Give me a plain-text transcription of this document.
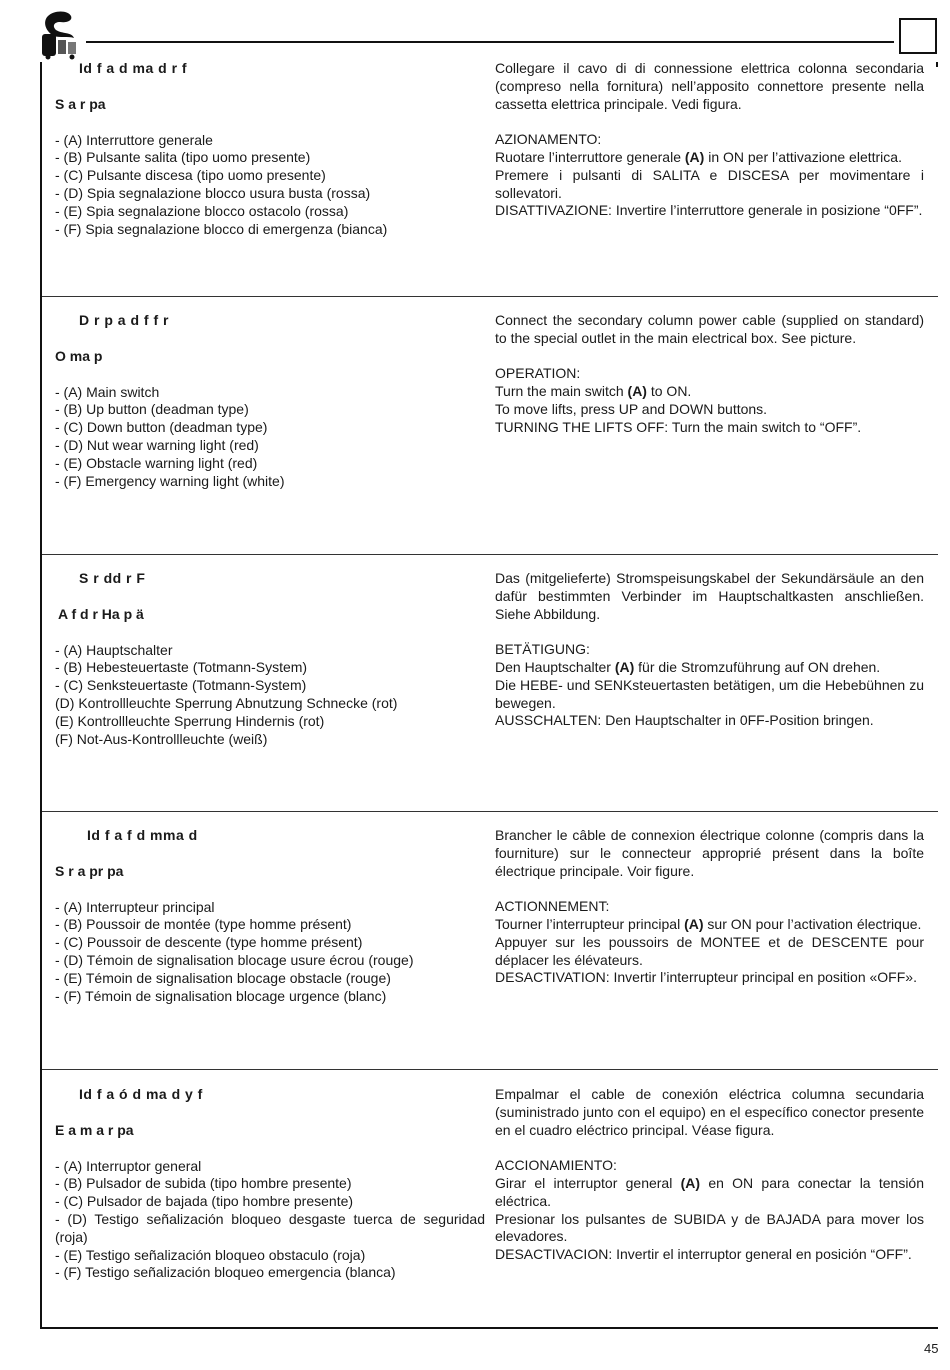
Id f a d ma d r f

S a r pa

- (A) Interruttore generale
- (B) Pulsante salita (tipo uomo presente)
- (C) Pulsante discesa (tipo uomo presente)
- (D) Spia segnalazione blocco usura busta (rossa)
- (E) Spia segnalazione blocco ostacolo (rossa)
- (F) Spia segnalazione blocco di emergenza (bianca)

Collegare il cavo di di connessione elettrica colonna secondaria (compreso nella fornitura) nell’apposito connettore presente nella cassetta elettrica principale. Vedi figura.

AZIONAMENTO:

Ruotare l’interruttore generale (A) in ON per l’attivazione elettrica.

Premere i pulsanti di SALITA e DISCESA per movimentare i sollevatori.

DISATTIVAZIONE: Invertire l’interruttore generale in posizione “0FF”.

D r p a d f f r

O ma p

- (A) Main switch
- (B) Up button (deadman type)
- (C) Down button (deadman type)
- (D) Nut wear warning light (red)
- (E) Obstacle warning light (red)
- (F) Emergency warning light (white)

Connect the secondary column power cable (supplied on standard) to the special outlet in the main electrical box. See picture.

OPERATION:

Turn the main switch (A) to ON.

To move lifts, press UP and DOWN buttons.

TURNING THE LIFTS OFF: Turn the main switch to “OFF”.

S r dd r F

A f d r Ha p ä

- (A) Hauptschalter
- (B) Hebesteuertaste (Totmann-System)
- (C) Senksteuertaste (Totmann-System)
(D) Kontrollleuchte Sperrung Abnutzung Schnecke (rot)
(E) Kontrollleuchte Sperrung Hindernis (rot)
(F) Not-Aus-Kontrollleuchte (weiß)

Das (mitgelieferte) Stromspeisungskabel der Sekundärsäule an den dafür bestimmten Verbinder im Hauptschaltkasten anschließen. Siehe Abbildung.

BETÄTIGUNG:

Den Hauptschalter (A) für die Stromzuführung auf ON drehen.

Die HEBE- und SENKsteuertasten betätigen, um die Hebebühnen zu bewegen.

AUSSCHALTEN: Den Hauptschalter in 0FF-Position bringen.

Id f a f d mma d

S r a pr pa

- (A) Interrupteur principal
- (B) Poussoir de montée (type homme présent)
- (C) Poussoir de descente (type homme présent)
- (D) Témoin de signalisation blocage usure écrou (rouge)
- (E) Témoin de signalisation blocage obstacle (rouge)
- (F) Témoin de signalisation blocage urgence (blanc)

Brancher le câble de connexion électrique colonne (compris dans la fourniture) sur le connecteur approprié présent dans la boîte électrique principale. Voir figure.

ACTIONNEMENT:

Tourner l’interrupteur principal (A) sur ON pour l’activation électrique.

Appuyer sur les poussoirs de MONTEE et de DESCENTE pour déplacer les élévateurs.

DESACTIVATION: Invertir l’interrupteur principal en position «OFF».

Id f a ó d ma d y f

E a m a r pa

- (A) Interruptor general
- (B) Pulsador de subida (tipo hombre presente)
- (C) Pulsador de bajada (tipo hombre presente)
- (D) Testigo señalización bloqueo desgaste tuerca de seguridad (roja)
- (E) Testigo señalización bloqueo obstaculo (roja)
- (F) Testigo señalización bloqueo emergencia (blanca)

Empalmar el cable de conexión eléctrica columna secundaria (suministrado junto con el equipo) en el específico conector presente en el cuadro eléctrico principal. Véase figura.

ACCIONAMIENTO:

Girar el interruptor general (A) en ON para conectar la tensión eléctrica.

Presionar los pulsantes de SUBIDA y de BAJADA para mover los elevadores.

DESACTIVACION: Invertir el interruptor general en posición “OFF”.

45
